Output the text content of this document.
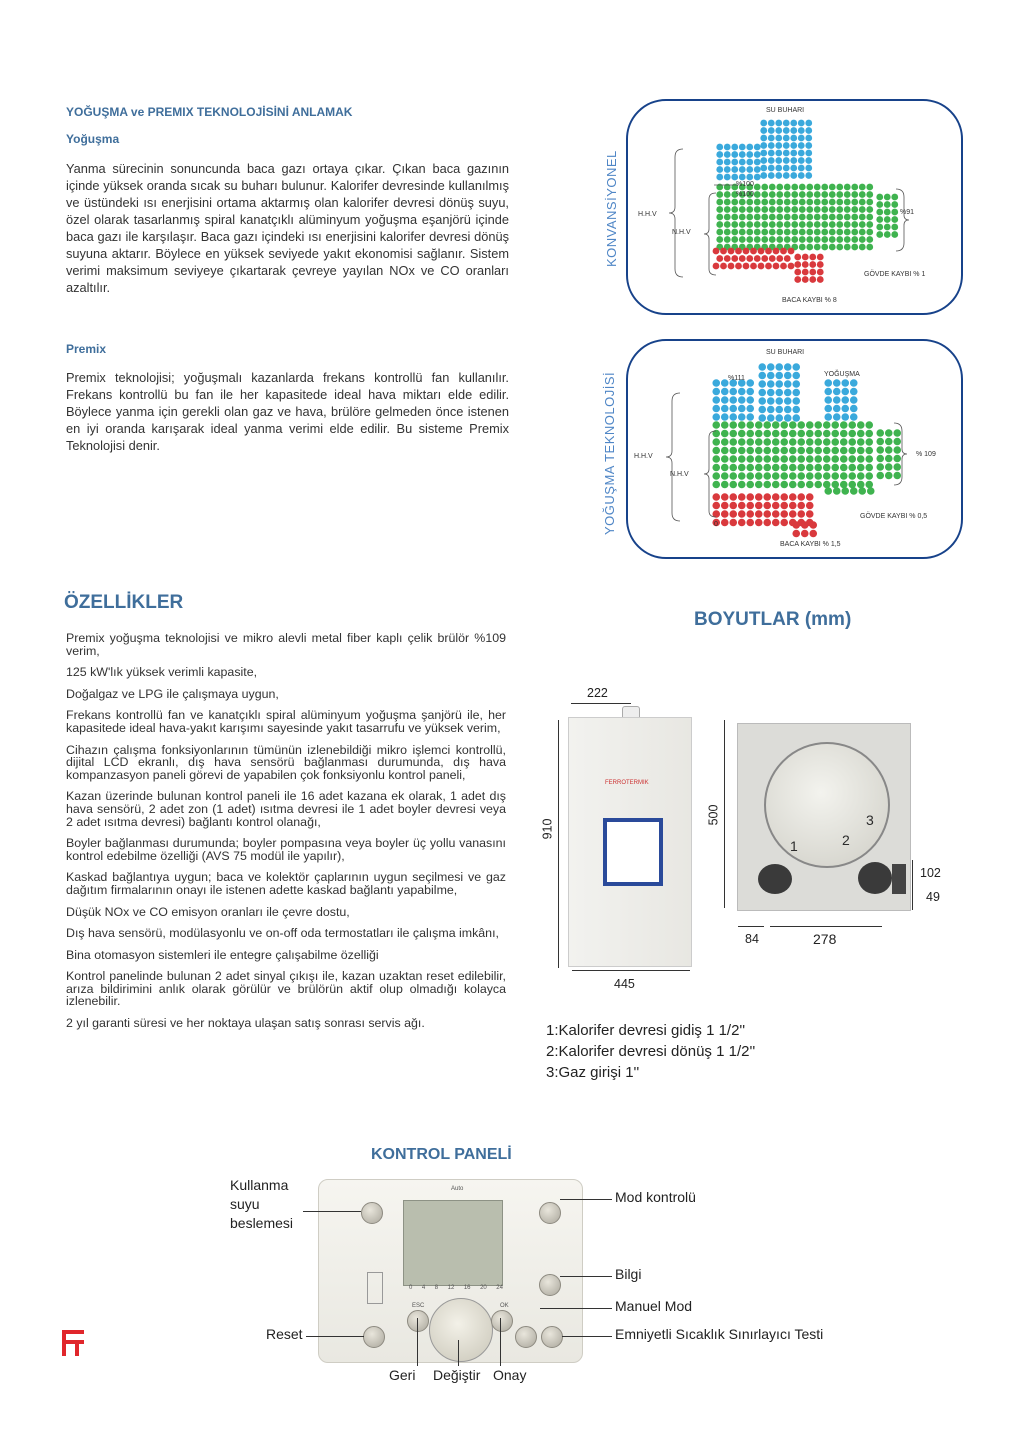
YOĞUŞMA ve PREMIX TEKNOLOJİSİNİ ANLAMAK
Yoğuşma
Yanma sürecinin sonuncunda baca gazı ortaya çıkar. Çıkan baca gazının içinde yüksek oranda sıcak su buharı bulunur. Kalorifer devresinde kullanılmış ve üstündeki ısı enerjisini ortama aktarmış olan kalorifer devresi dönüş suyu, özel olarak tasarlanmış spiral kanatçıklı alüminyum yoğuşma eşanjörü içinde baca gazı ile karşılaşır. Baca gazı içindeki ısı enerjisini kalorifer devresi dönüş suyuna aktarır. Böylece en yüksek seviyede yakıt ekonomisi sağlanır. Sistem verimi maksimum seviyeye çıkartarak çevreye yayılan NOx ve CO oranları azaltılır.
Premix
Premix teknolojisi; yoğuşmalı kazanlarda frekans kontrollü fan kullanılır. Frekans kontrollü bu fan ile her kapasitede ideal hava miktarı elde edilir. Böylece yanma için gerekli olan gaz ve hava, brülöre gelmeden önce istenen en iyi oranda karışarak ideal yanma verimi elde edilir. Bu sisteme Premix Teknolojisi denir.
KONVANSİYONEL
SU BUHARI
%100
%100
H.H.V
N.H.V
%91
GÖVDE KAYBI % 1
BACA KAYBI % 8
YOĞUŞMA TEKNOLOJİSİ
SU BUHARI
%111
YOĞUŞMA
H.H.V
N.H.V
% 109
0
GÖVDE KAYBI % 0,5
BACA KAYBI % 1,5
ÖZELLİKLER

Premix yoğuşma teknolojisi ve mikro alevli metal fiber kaplı çelik brülör %109 verim,

125 kW'lık yüksek verimli kapasite,

Doğalgaz ve LPG ile çalışmaya uygun,

Frekans kontrollü fan ve kanatçıklı spiral alüminyum yoğuşma şanjörü ile, her kapasitede ideal hava-yakıt karışımı sayesinde yakıt tasarrufu ve yüksek verim,

Cihazın çalışma fonksiyonlarının tümünün izlenebildiği mikro işlemci kontrollü, dijital LCD ekranlı, dış hava sensörü bağlanması durumunda, dış hava kompanzasyon paneli görevi de yapabilen çok fonksiyonlu kontrol paneli,

Kazan üzerinde bulunan kontrol paneli ile 16 adet kazana ek olarak, 1 adet dış hava sensörü, 2 adet zon (1 adet) ısıtma devresi ile 1 adet boyler devresi veya 2 adet ısıtma devresi) bağlantı kontrol olanağı,

Boyler bağlanması durumunda; boyler pompasına veya boyler üç yollu vanasını kontrol edebilme özelliği (AVS 75 modül ile yapılır),

Kaskad bağlantıya uygun; baca ve kolektör çaplarının uygun seçilmesi ve gaz dağıtım firmalarının onayı ile istenen adette kaskad bağlantı yapabilme,

Düşük NOx ve CO emisyon oranları ile çevre dostu,

Dış hava sensörü, modülasyonlu ve on-off oda termostatları ile çalışma imkânı,

Bina otomasyon sistemleri ile entegre çalışabilme özelliği

Kontrol panelinde bulunan 2 adet sinyal çıkışı ile, kazan uzaktan reset edilebilir, arıza bildirimini anlık olarak görülür ve brülörün aktif olup olmadığı kolayca izlenebilir.

2 yıl garanti süresi ve her noktaya ulaşan satış sonrası servis ağı.

BOYUTLAR (mm)
222
FERROTERMIK
910
445
500
1	2
3
102
49
84	278
1:Kalorifer devresi gidiş 1 1/2''
2:Kalorifer devresi dönüş 1 1/2''
3:Gaz girişi 1''
KONTROL PANELİ
Auto
0 4 8 12 16 20 24
ESC	OK
Kullanma
suyu
beslemesi
Mod kontrolü
Bilgi
Manuel Mod
Emniyetli Sıcaklık Sınırlayıcı Testi
Reset
Geri Değiştir Onay
